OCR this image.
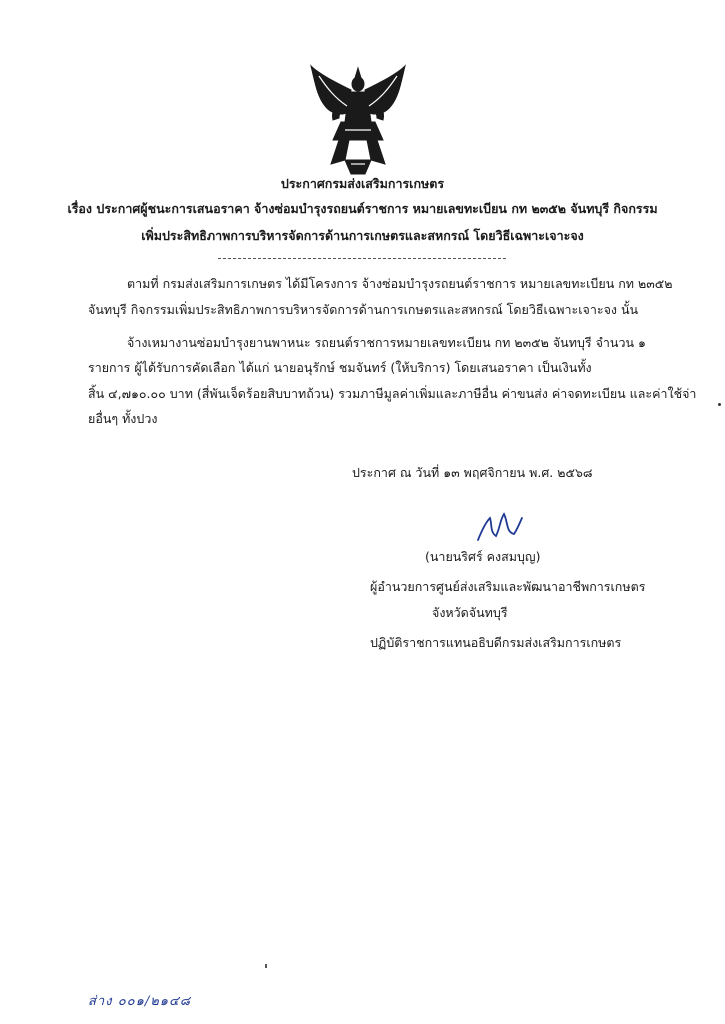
ประกาศกรมส่งเสริมการเกษตร
เรื่อง ประกาศผู้ชนะการเสนอราคา จ้างซ่อมบำรุงรถยนต์ราชการ หมายเลขทะเบียน กท ๒๓๕๒ จันทบุรี กิจกรรม
เพิ่มประสิทธิภาพการบริหารจัดการด้านการเกษตรและสหกรณ์ โดยวิธีเฉพาะเจาะจง
ตามที่ กรมส่งเสริมการเกษตร ได้มีโครงการ จ้างซ่อมบำรุงรถยนต์ราชการ หมายเลขทะเบียน กท ๒๓๕๒
จันทบุรี กิจกรรมเพิ่มประสิทธิภาพการบริหารจัดการด้านการเกษตรและสหกรณ์ โดยวิธีเฉพาะเจาะจง นั้น
จ้างเหมางานซ่อมบำรุงยานพาหนะ รถยนต์ราชการหมายเลขทะเบียน กท ๒๓๕๒ จันทบุรี จำนวน ๑
รายการ ผู้ได้รับการคัดเลือก ได้แก่ นายอนุรักษ์ ชมจันทร์ (ให้บริการ) โดยเสนอราคา เป็นเงินทั้ง
สิ้น ๔,๗๑๐.๐๐ บาท (สี่พันเจ็ดร้อยสิบบาทถ้วน) รวมภาษีมูลค่าเพิ่มและภาษีอื่น ค่าขนส่ง ค่าจดทะเบียน และค่าใช้จ่า
ยอื่นๆ ทั้งปวง
ประกาศ ณ วันที่ ๑๓ พฤศจิกายน พ.ศ. ๒๕๖๘
(นายนริศร์ คงสมบุญ)
ผู้อำนวยการศูนย์ส่งเสริมและพัฒนาอาชีพการเกษตร
จังหวัดจันทบุรี
ปฏิบัติราชการแทนอธิบดีกรมส่งเสริมการเกษตร
ส่าง ๐๐๑/๒๑๔๘
